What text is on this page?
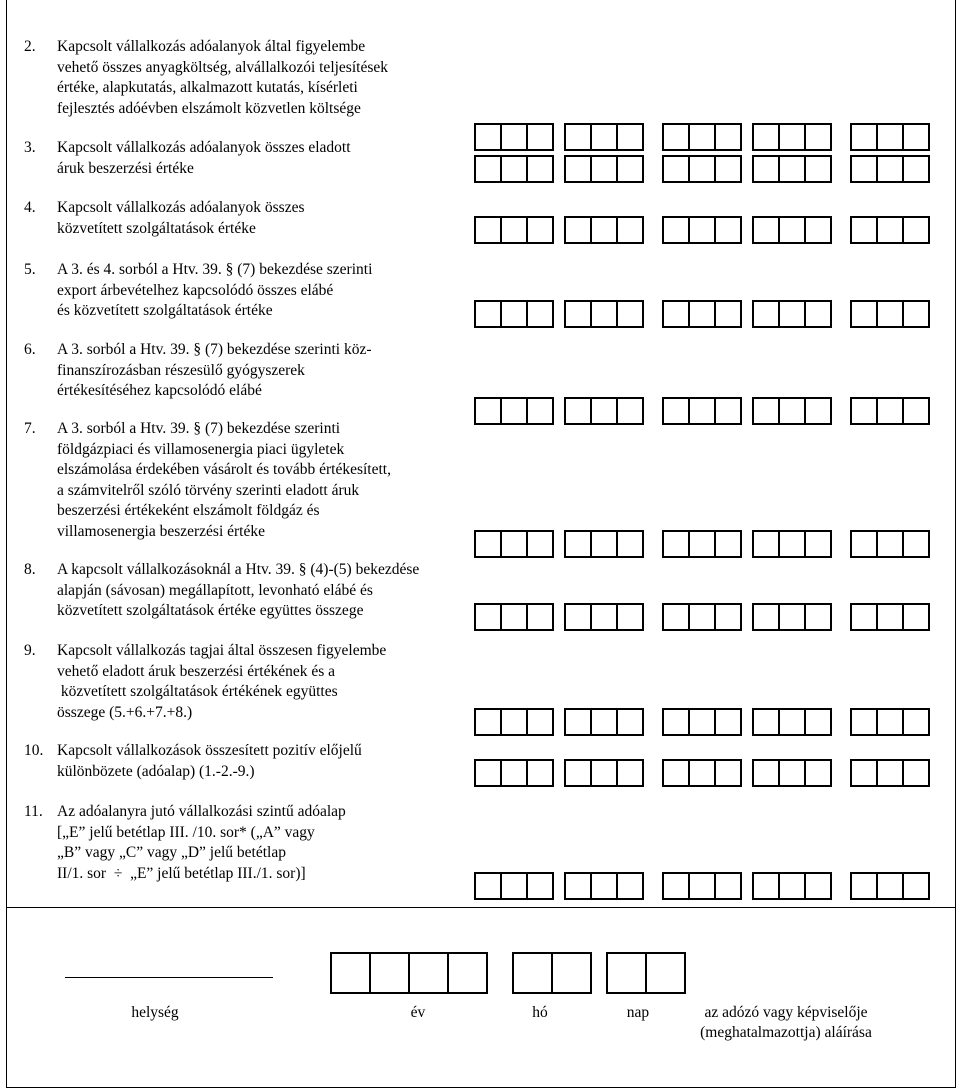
2. Kapcsolt vállalkozás adóalanyok által figyelembe
vehető összes anyagköltség, alvállalkozói teljesítések
értéke, alapkutatás, alkalmazott kutatás, kísérleti
fejlesztés adóévben elszámolt közvetlen költsége
3. Kapcsolt vállalkozás adóalanyok összes eladott
áruk beszerzési értéke
4. Kapcsolt vállalkozás adóalanyok összes
közvetített szolgáltatások értéke
5. A 3. és 4. sorból a Htv. 39. § (7) bekezdése szerinti
export árbevételhez kapcsolódó összes elábé
és közvetített szolgáltatások értéke
6. A 3. sorból a Htv. 39. § (7) bekezdése szerinti köz-
finanszírozásban részesülő gyógyszerek
értékesítéséhez kapcsolódó elábé
7. A 3. sorból a Htv. 39. § (7) bekezdése szerinti
földgázpiaci és villamosenergia piaci ügyletek
elszámolása érdekében vásárolt és tovább értékesített,
a számvitelről szóló törvény szerinti eladott áruk
beszerzési értékeként elszámolt földgáz és
villamosenergia beszerzési értéke
8. A kapcsolt vállalkozásoknál a Htv. 39. § (4)-(5) bekezdése
alapján (sávosan) megállapított, levonható elábé és
közvetített szolgáltatások értéke együttes összege
9. Kapcsolt vállalkozás tagjai által összesen figyelembe
vehető eladott áruk beszerzési értékének és a
közvetített szolgáltatások értékének együttes
összege (5.+6.+7.+8.)
10. Kapcsolt vállalkozások összesített pozitív előjelű
különbözete (adóalap) (1.-2.-9.)
11. Az adóalanyra jutó vállalkozási szintű adóalap
[„E” jelű betétlap III. /10. sor* („A” vagy
„B” vagy „C” vagy „D” jelű betétlap
II/1. sor  ÷  „E” jelű betétlap III./1. sor)]
helység	év	hó	nap	az adózó vagy képviselője
(meghatalmazottja) aláírása
